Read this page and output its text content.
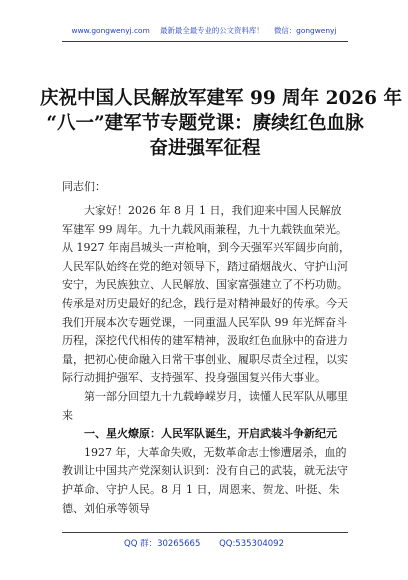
www.gongwenyj.com 最新最全最专业的公文资料库！ 微信：gongwenyj
庆祝中国人民解放军建军 99 周年 2026 年
“八一”建军节专题党课：赓续红色血脉
奋进强军征程
同志们：

大家好！2026 年 8 月 1 日，我们迎来中国人民解放军建军 99 周年。九十九载风雨兼程，九十九载铁血荣光。从 1927 年南昌城头一声枪响，到今天强军兴军阔步向前，人民军队始终在党的绝对领导下，踏过硝烟战火、守护山河安宁，为民族独立、人民解放、国家富强建立了不朽功勋。传承是对历史最好的纪念，践行是对精神最好的传承。今天我们开展本次专题党课，一同重温人民军队 99 年光辉奋斗历程，深挖代代相传的建军精神，汲取红色血脉中的奋进力量，把初心使命融入日常干事创业、履职尽责全过程，以实际行动拥护强军、支持强军、投身强国复兴伟大事业。

第一部分回望九十九载峥嵘岁月，读懂人民军队从哪里来

一、星火燎原：人民军队诞生，开启武装斗争新纪元

1927 年，大革命失败，无数革命志士惨遭屠杀，血的教训让中国共产党深刻认识到：没有自己的武装，就无法守护革命、守护人民。8 月 1 日，周恩来、贺龙、叶挺、朱德、刘伯承等领导

QQ 群：30265665 QQ:535304092
